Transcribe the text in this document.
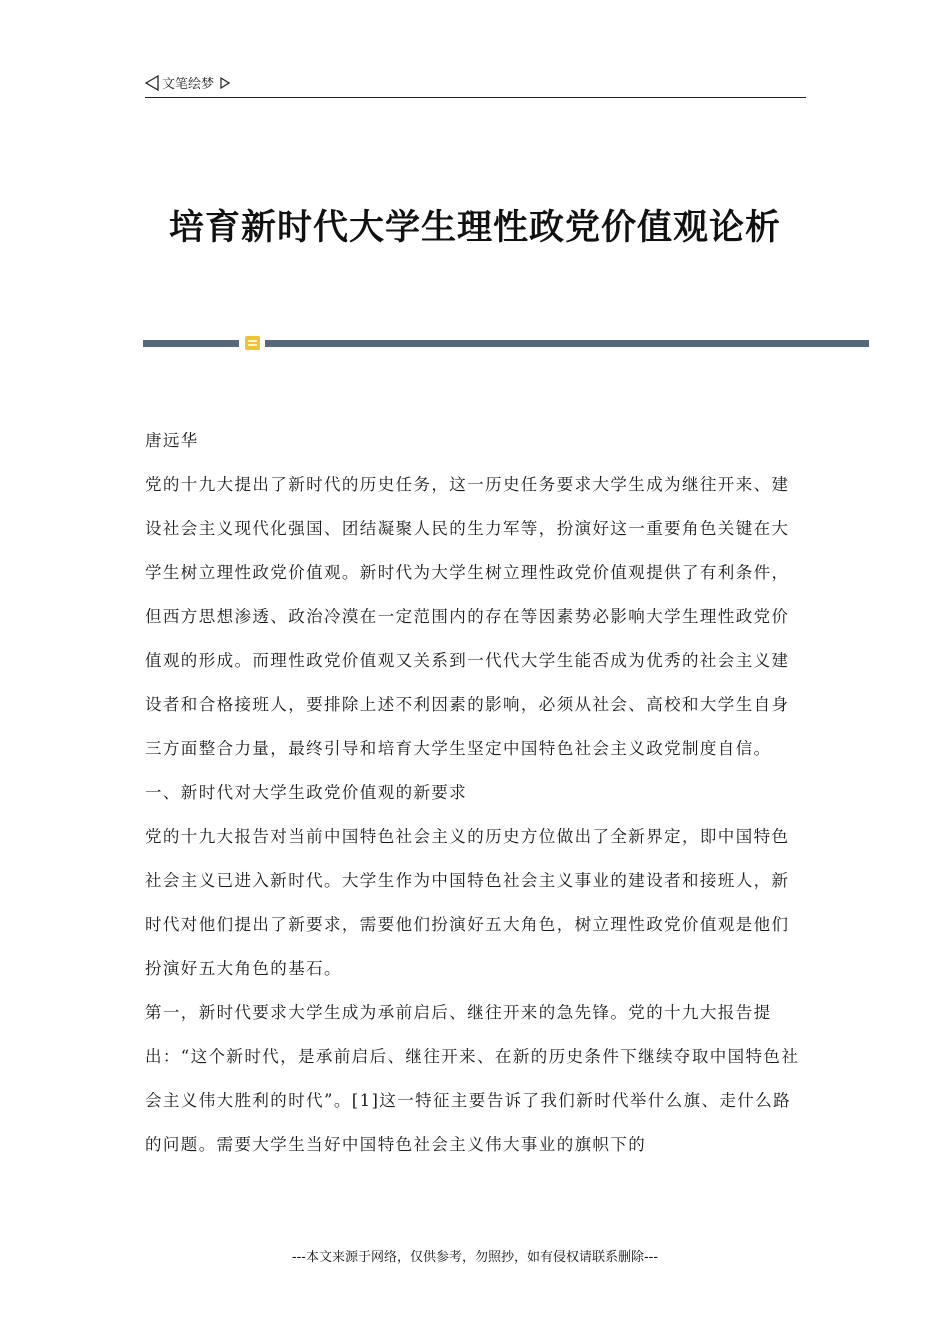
文笔绘梦
培育新时代大学生理性政党价值观论析

唐远华

党的十九大提出了新时代的历史任务，这一历史任务要求大学生成为继往开来、建设社会主义现代化强国、团结凝聚人民的生力军等，扮演好这一重要角色关键在大学生树立理性政党价值观。新时代为大学生树立理性政党价值观提供了有利条件，但西方思想渗透、政治冷漠在一定范围内的存在等因素势必影响大学生理性政党价值观的形成。而理性政党价值观又关系到一代代大学生能否成为优秀的社会主义建设者和合格接班人，要排除上述不利因素的影响，必须从社会、高校和大学生自身三方面整合力量，最终引导和培育大学生坚定中国特色社会主义政党制度自信。

一、新时代对大学生政党价值观的新要求

党的十九大报告对当前中国特色社会主义的历史方位做出了全新界定，即中国特色社会主义已进入新时代。大学生作为中国特色社会主义事业的建设者和接班人，新时代对他们提出了新要求，需要他们扮演好五大角色，树立理性政党价值观是他们扮演好五大角色的基石。

第一，新时代要求大学生成为承前启后、继往开来的急先锋。党的十九大报告提出：“这个新时代，是承前启后、继往开来、在新的历史条件下继续夺取中国特色社会主义伟大胜利的时代”。[1]这一特征主要告诉了我们新时代举什么旗、走什么路的问题。需要大学生当好中国特色社会主义伟大事业的旗帜下的

---本文来源于网络，仅供参考，勿照抄，如有侵权请联系删除---
